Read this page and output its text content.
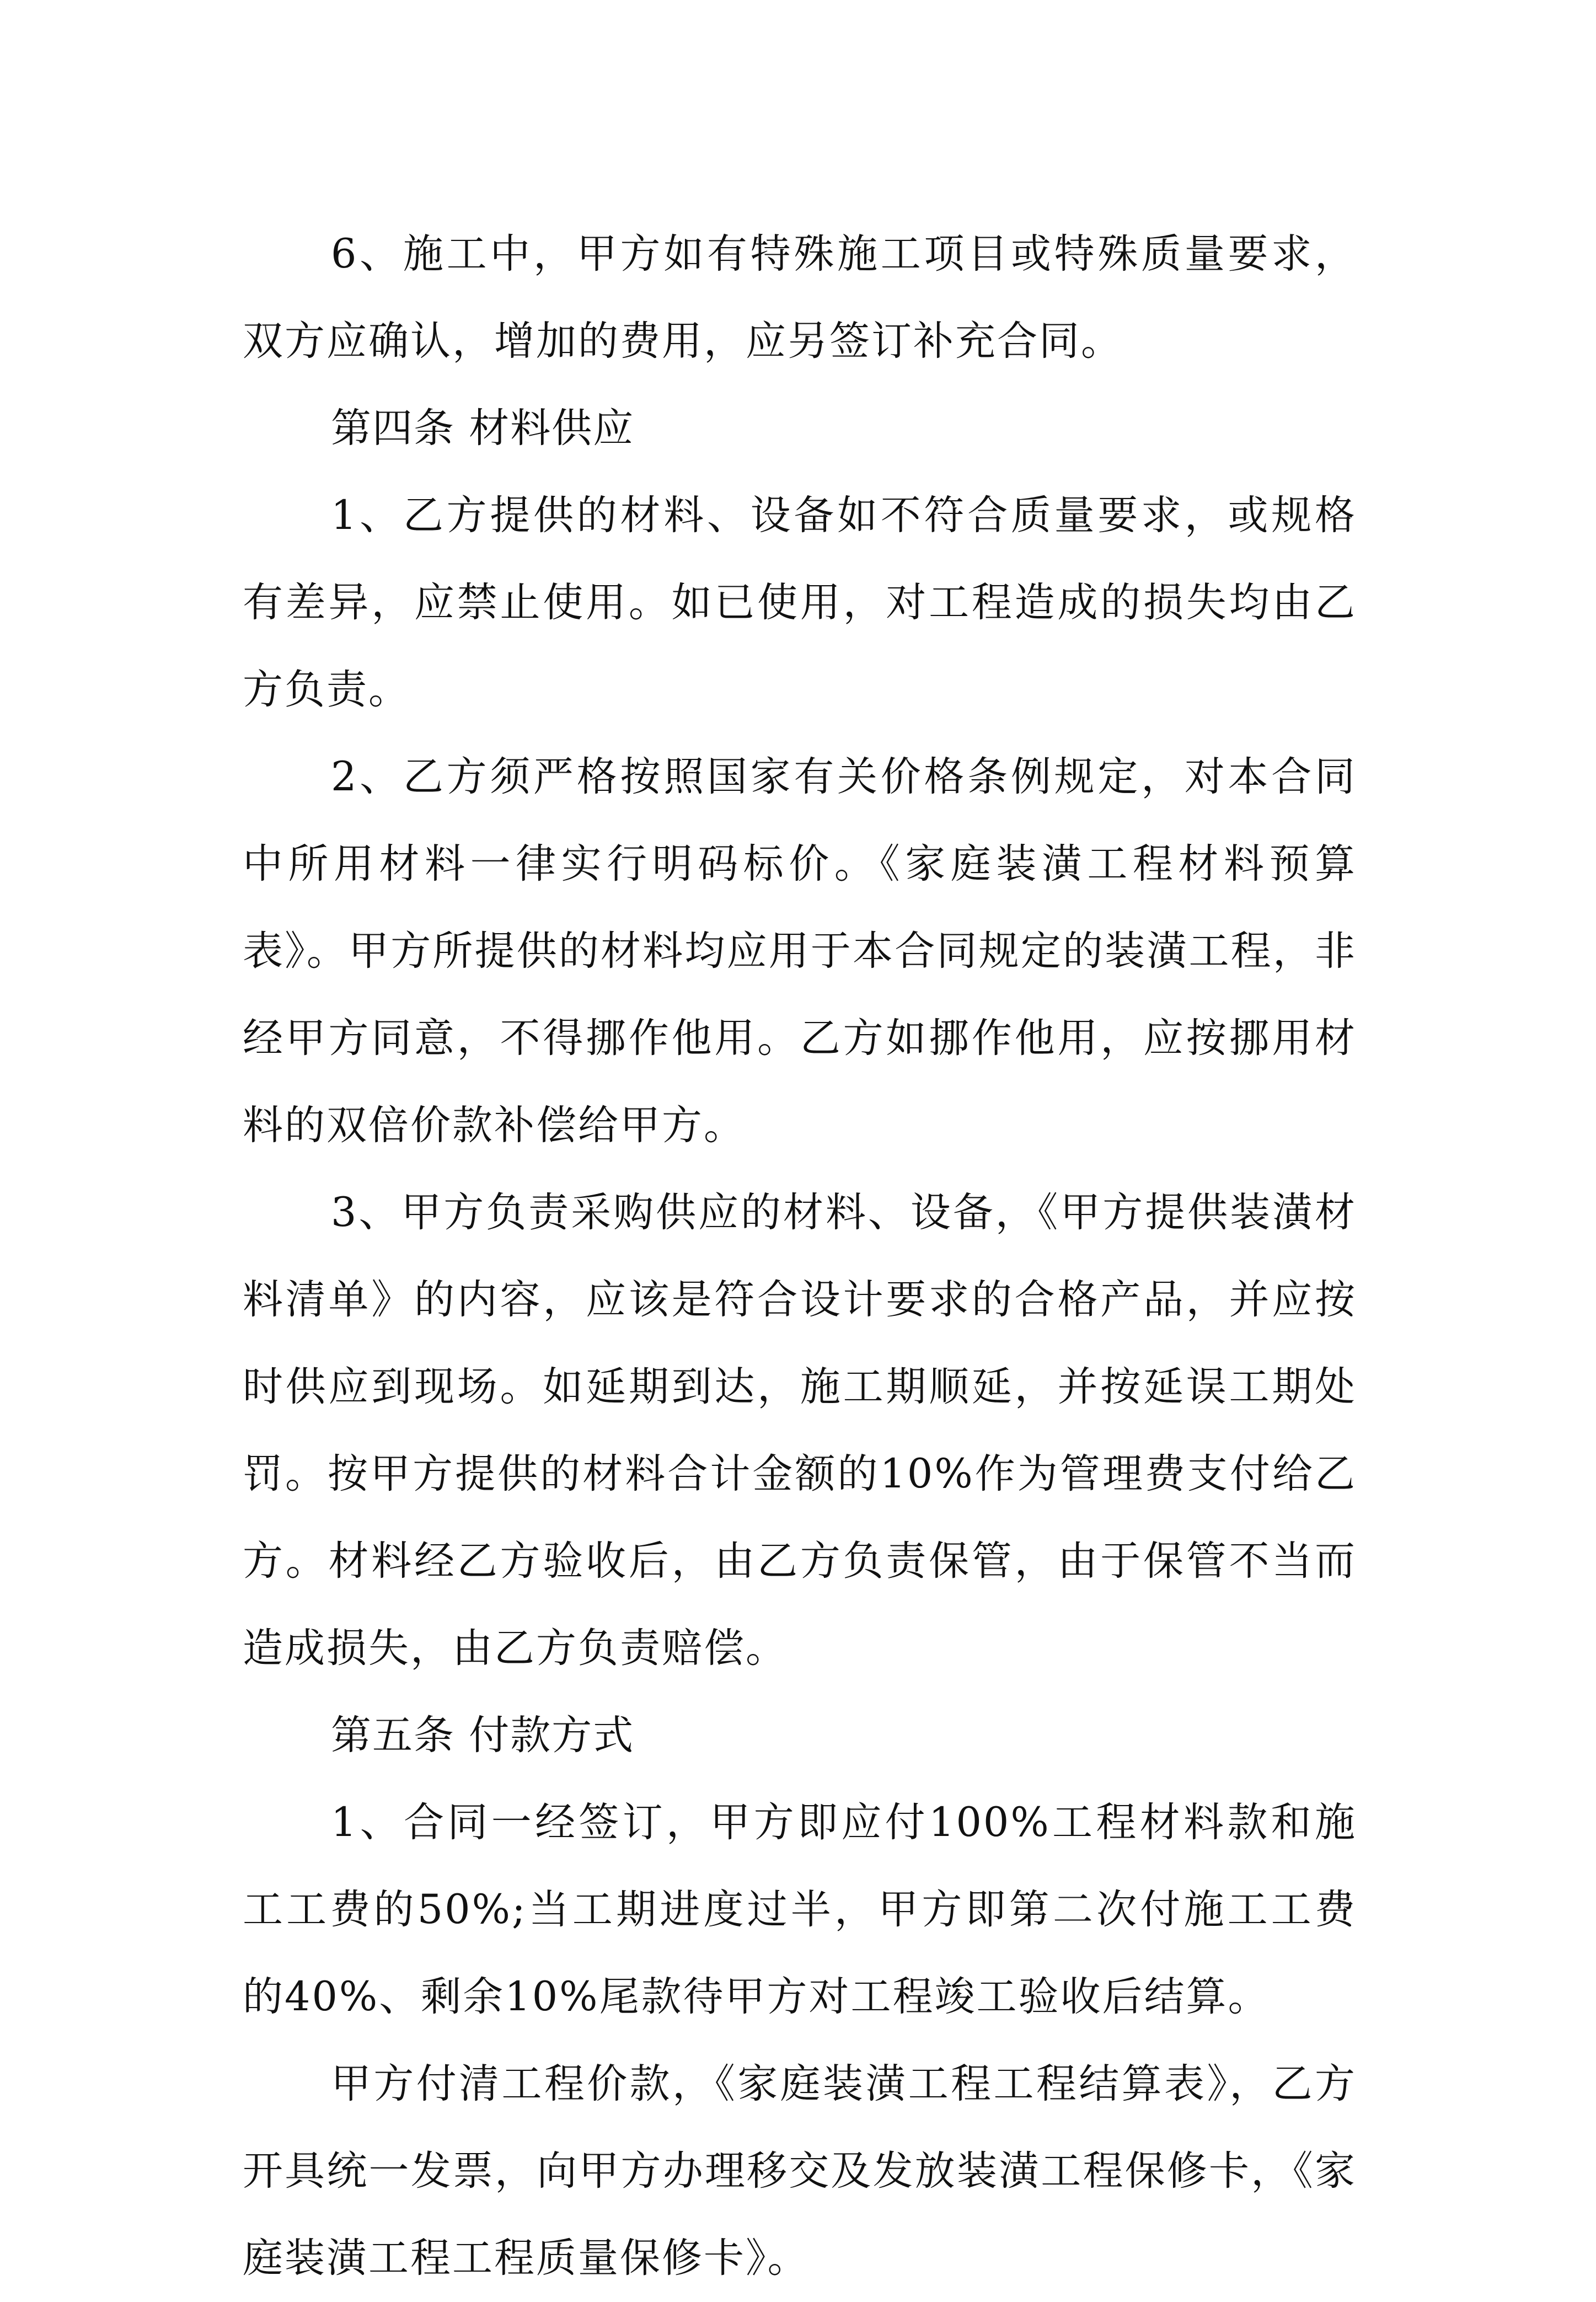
6、施工中，甲方如有特殊施工项目或特殊质量要求，双方应确认，增加的费用，应另签订补充合同。

第四条 材料供应

1、乙方提供的材料、设备如不符合质量要求，或规格有差异，应禁止使用。如已使用，对工程造成的损失均由乙方负责。

2、乙方须严格按照国家有关价格条例规定，对本合同中所用材料一律实行明码标价。《家庭装潢工程材料预算表》。甲方所提供的材料均应用于本合同规定的装潢工程，非经甲方同意，不得挪作他用。乙方如挪作他用，应按挪用材料的双倍价款补偿给甲方。

3、甲方负责采购供应的材料、设备，《甲方提供装潢材料清单》的内容，应该是符合设计要求的合格产品，并应按时供应到现场。如延期到达，施工期顺延，并按延误工期处罚。按甲方提供的材料合计金额的10%作为管理费支付给乙方。材料经乙方验收后，由乙方负责保管，由于保管不当而造成损失，由乙方负责赔偿。

第五条 付款方式

1、合同一经签订，甲方即应付100%工程材料款和施工工费的50%;当工期进度过半，甲方即第二次付施工工费的40%、剩余10%尾款待甲方对工程竣工验收后结算。

甲方付清工程价款，《家庭装潢工程工程结算表》，乙方开具统一发票，向甲方办理移交及发放装潢工程保修卡，《家庭装潢工程工程质量保修卡》。
